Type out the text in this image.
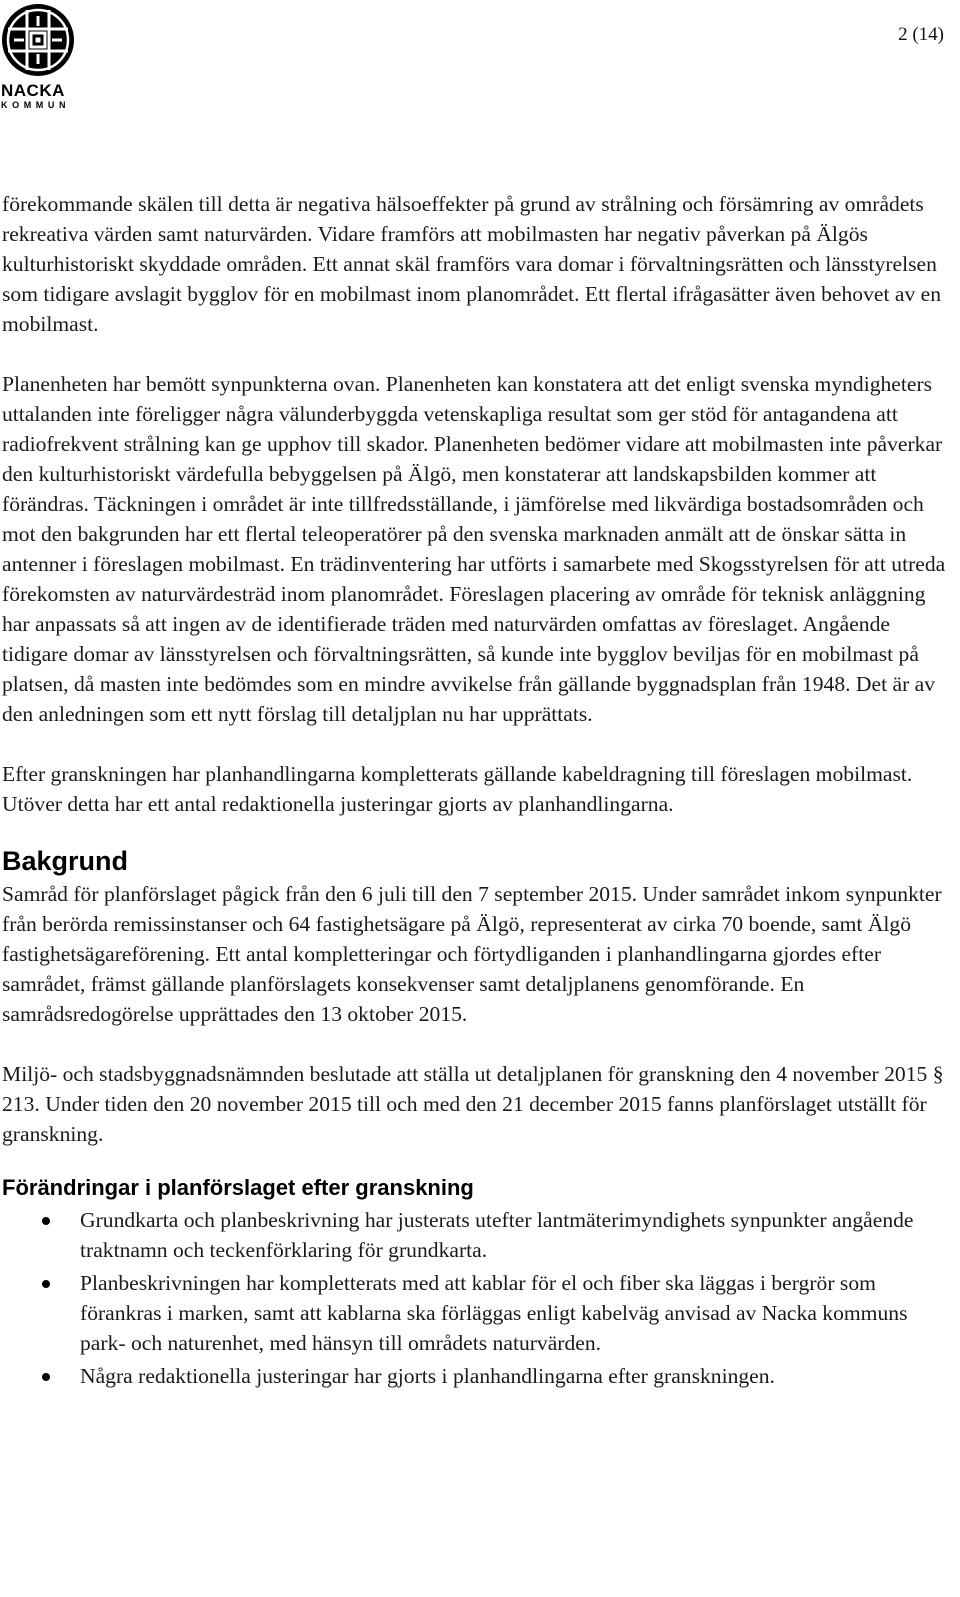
NACKA
KOMMUN
2 (14)

förekommande skälen till detta är negativa hälsoeffekter på grund av strålning och försämring av områdets rekreativa värden samt naturvärden. Vidare framförs att mobilmasten har negativ påverkan på Älgös kulturhistoriskt skyddade områden. Ett annat skäl framförs vara domar i förvaltningsrätten och länsstyrelsen som tidigare avslagit bygglov för en mobilmast inom planområdet. Ett flertal ifrågasätter även behovet av en mobilmast.

Planenheten har bemött synpunkterna ovan. Planenheten kan konstatera att det enligt svenska myndigheters uttalanden inte föreligger några välunderbyggda vetenskapliga resultat som ger stöd för antagandena att radiofrekvent strålning kan ge upphov till skador. Planenheten bedömer vidare att mobilmasten inte påverkar den kulturhistoriskt värdefulla bebyggelsen på Älgö, men konstaterar att landskapsbilden kommer att förändras. Täckningen i området är inte tillfredsställande, i jämförelse med likvärdiga bostadsområden och mot den bakgrunden har ett flertal teleoperatörer på den svenska marknaden anmält att de önskar sätta in antenner i föreslagen mobilmast. En trädinventering har utförts i samarbete med Skogsstyrelsen för att utreda förekomsten av naturvärdesträd inom planområdet. Föreslagen placering av område för teknisk anläggning har anpassats så att ingen av de identifierade träden med naturvärden omfattas av föreslaget. Angående tidigare domar av länsstyrelsen och förvaltningsrätten, så kunde inte bygglov beviljas för en mobilmast på platsen, då masten inte bedömdes som en mindre avvikelse från gällande byggnadsplan från 1948. Det är av den anledningen som ett nytt förslag till detaljplan nu har upprättats.

Efter granskningen har planhandlingarna kompletterats gällande kabeldragning till föreslagen mobilmast. Utöver detta har ett antal redaktionella justeringar gjorts av planhandlingarna.

Bakgrund

Samråd för planförslaget pågick från den 6 juli till den 7 september 2015. Under samrådet inkom synpunkter från berörda remissinstanser och 64 fastighetsägare på Älgö, representerat av cirka 70 boende, samt Älgö fastighetsägareförening. Ett antal kompletteringar och förtydliganden i planhandlingarna gjordes efter samrådet, främst gällande planförslagets konsekvenser samt detaljplanens genomförande. En samrådsredogörelse upprättades den 13 oktober 2015.

Miljö- och stadsbyggnadsnämnden beslutade att ställa ut detaljplanen för granskning den 4 november 2015 § 213. Under tiden den 20 november 2015 till och med den 21 december 2015 fanns planförslaget utställt för granskning.

Förändringar i planförslaget efter granskning
Grundkarta och planbeskrivning har justerats utefter lantmäterimyndighets synpunkter angående traktnamn och teckenförklaring för grundkarta.
Planbeskrivningen har kompletterats med att kablar för el och fiber ska läggas i bergrör som förankras i marken, samt att kablarna ska förläggas enligt kabelväg anvisad av Nacka kommuns park- och naturenhet, med hänsyn till områdets naturvärden.
Några redaktionella justeringar har gjorts i planhandlingarna efter granskningen.
